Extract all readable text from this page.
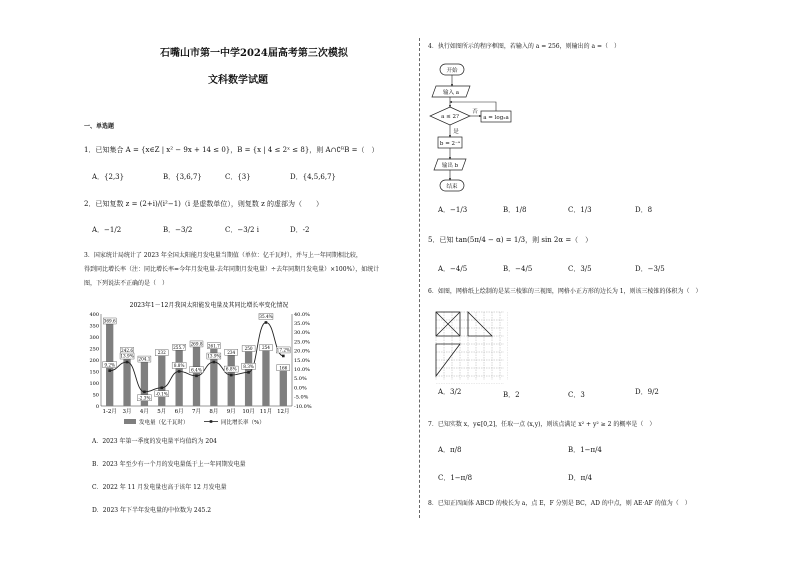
石嘴山市第一中学2024届高考第三次模拟
文科数学试题
一、单选题
1．已知集合 A = {x∈Z | x² − 9x + 14 ≤ 0}，B = {x | 4 ≤ 2ˣ ≤ 8}，则 A∩∁ᴿB =（　）
A．{2,3}	B．{3,6,7}	C．{3}	D．{4,5,6,7}
2．已知复数 z = (2+i)/(i²−1)（i 是虚数单位），则复数 z 的虚部为（　　）
A．−1/2	B．−3/2	C．−3/2 i	D．-2
3．国家统计局统计了 2023 年全国太阳能月发电量当期值（单位：亿千瓦时），并与上一年同期相比较，
得到同比增长率（注：同比增长率=今年月发电量-去年同期月发电量）÷去年同期月发电量）×100%），如统计
图，下列说法不正确的是（　）
2023年1－12月我国太阳能发电量及其同比增长率变化情况
0
50
100
150
200
250
300
350
400
-10.0%
-5.0%
0.0%
5.0%
10.0%
15.0%
20.0%
25.0%
30.0%
35.0%
40.0%
1-2月 3月 4月 5月 6月 7月 8月 9月 10月 11月 12月
369.6
242.6
204.1
232
255.7
269.8 261.7
234
250 254
166
9.2%
13.9%
-2.3%
-0.1%
8.8%
6.4%
13.9%
6.8%
8.3%
35.4%
17.2%
发电量（亿千瓦时）	同比增长率（%）
A．2023 年第一季度的发电量平均值约为 204
B．2023 年至少有一个月的发电量低于上一年同期发电量
C．2022 年 11 月发电量也高于该年 12 月发电量
D．2023 年下半年发电量的中位数为 245.2
4．执行如图所示的程序框图，若输入的 a = 256，则输出的 a =（　）
开始
输入 a
a ≤ 2?
否
a = log₂a
是
b = 2⁻ᵃ
输出 b
结束
A．−1/3	B．1/8	C．1/3	D．8
5．已知 tan(5π/4 − α) = 1/3，则 sin 2α =（　）
A．−4/5	B．−4/5	C．3/5	D．−3/5
6．如图，网格纸上绘制的是某三棱锥的三视图，网格小正方形的边长为 1，则该三棱锥的体积为（　）
A．3/2	B．2	C．3	D．9/2
7．已知实数 x，y∈[0,2]，任取一点 (x,y)，则该点满足 x² + y² ≥ 2 的概率是（　）
A．π/8	B．1−π/4
C．1−π/8	D．π/4
8．已知正四面体 ABCD 的棱长为 a，点 E，F 分别是 BC，AD 的中点，则 AE·AF 的值为（　）
